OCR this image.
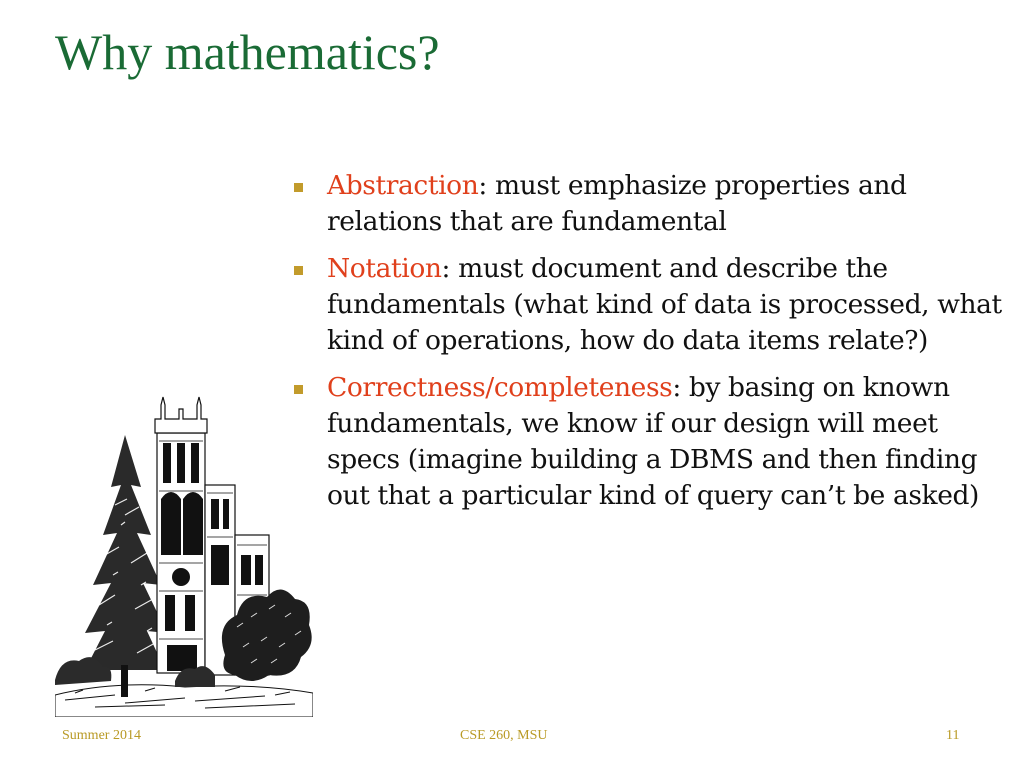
Why mathematics?
Abstraction: must emphasize properties and relations that are fundamental
Notation: must document and describe the fundamentals (what kind of data is processed, what kind of operations, how do data items relate?)
Correctness/completeness: by basing on known fundamentals, we know if our design will meet specs (imagine building a DBMS and then finding out that a particular kind of query can’t be asked)
Summer 2014	CSE 260, MSU	11
